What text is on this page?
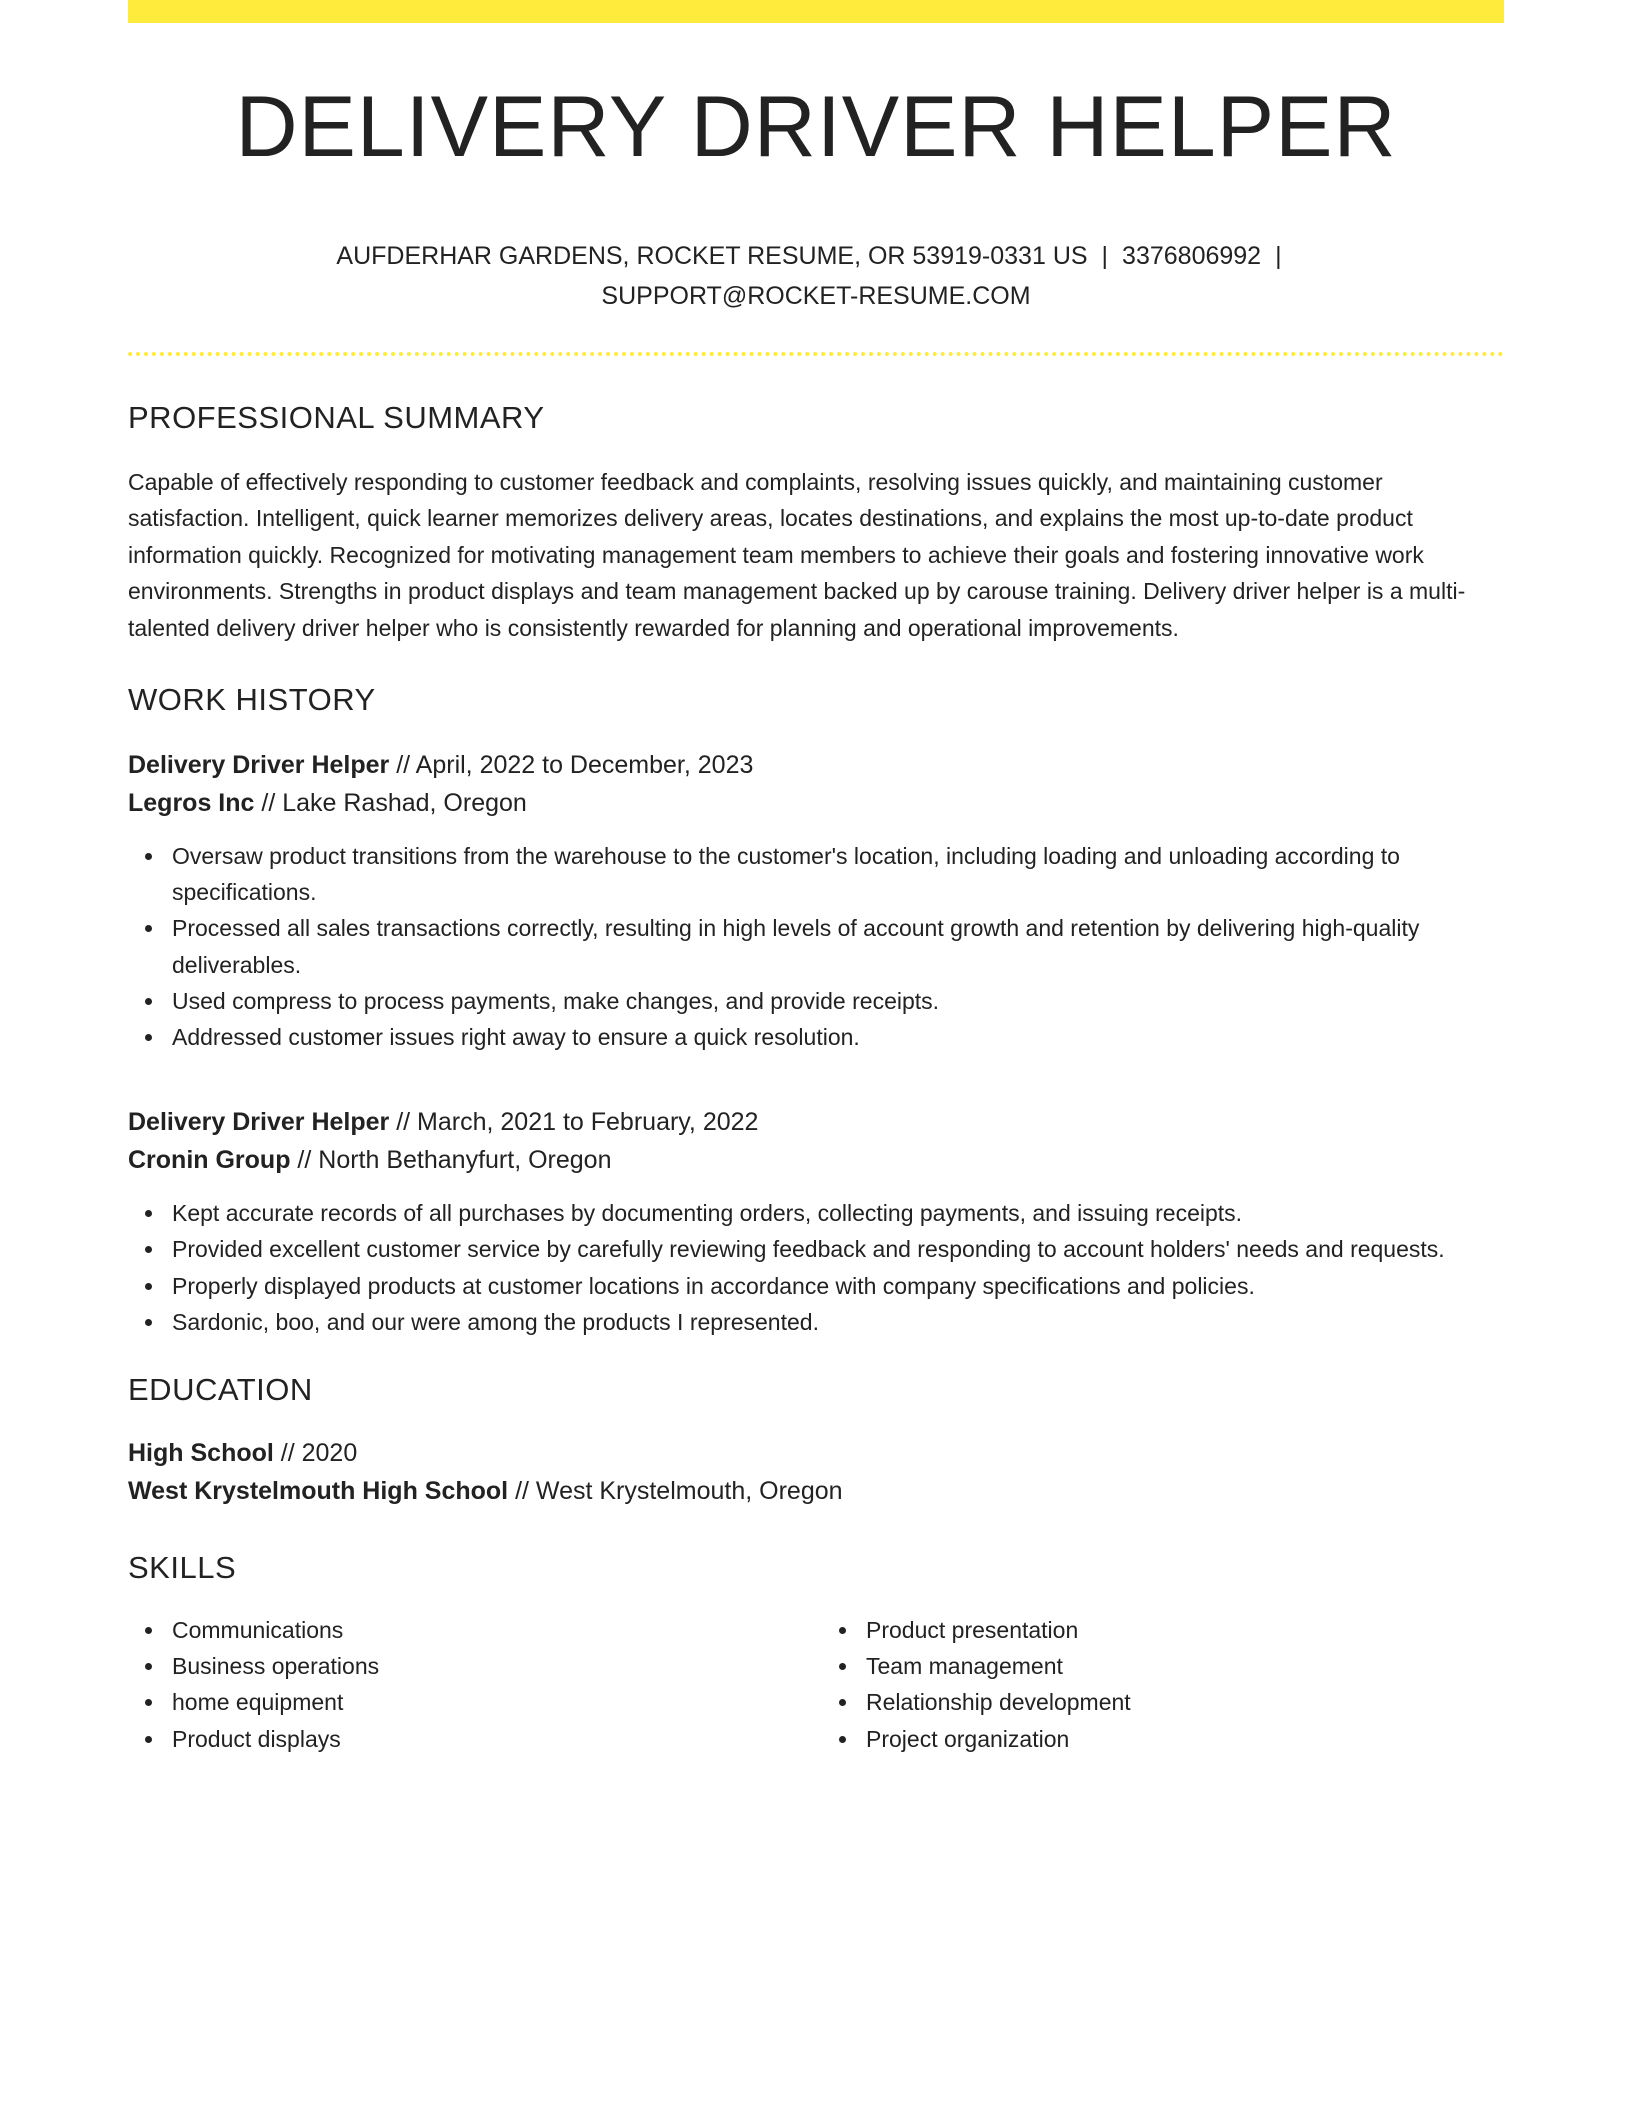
DELIVERY DRIVER HELPER
AUFDERHAR GARDENS, ROCKET RESUME, OR 53919-0331 US | 3376806992 |
SUPPORT@ROCKET-RESUME.COM
PROFESSIONAL SUMMARY

Capable of effectively responding to customer feedback and complaints, resolving issues quickly, and maintaining customer satisfaction. Intelligent, quick learner memorizes delivery areas, locates destinations, and explains the most up-to-date product information quickly. Recognized for motivating management team members to achieve their goals and fostering innovative work environments. Strengths in product displays and team management backed up by carouse training. Delivery driver helper is a multi-talented delivery driver helper who is consistently rewarded for planning and operational improvements.

WORK HISTORY
Delivery Driver Helper // April, 2022 to December, 2023
Legros Inc // Lake Rashad, Oregon
Oversaw product transitions from the warehouse to the customer's location, including loading and unloading according to specifications.
Processed all sales transactions correctly, resulting in high levels of account growth and retention by delivering high-quality deliverables.
Used compress to process payments, make changes, and provide receipts.
Addressed customer issues right away to ensure a quick resolution.
Delivery Driver Helper // March, 2021 to February, 2022
Cronin Group // North Bethanyfurt, Oregon
Kept accurate records of all purchases by documenting orders, collecting payments, and issuing receipts.
Provided excellent customer service by carefully reviewing feedback and responding to account holders' needs and requests.
Properly displayed products at customer locations in accordance with company specifications and policies.
Sardonic, boo, and our were among the products I represented.
EDUCATION
High School // 2020
West Krystelmouth High School // West Krystelmouth, Oregon
SKILLS
Communications
Business operations
home equipment
Product displays
Product presentation
Team management
Relationship development
Project organization
